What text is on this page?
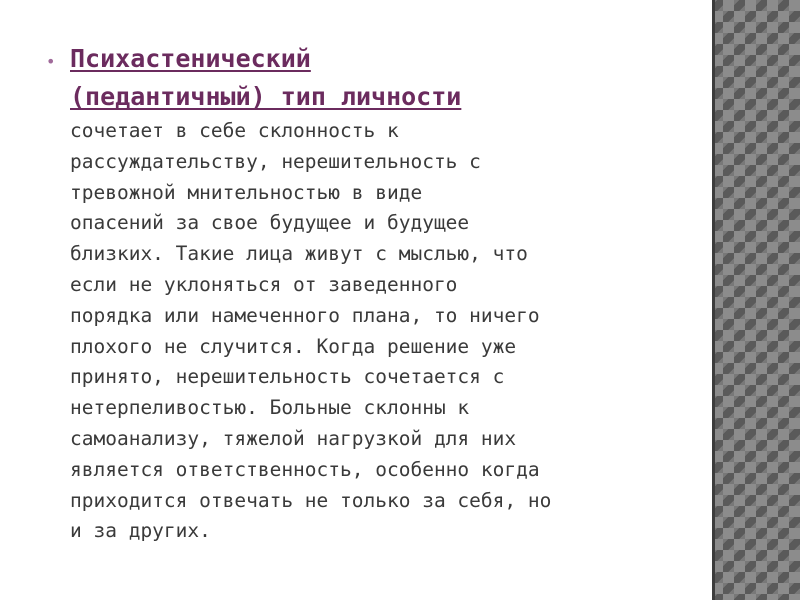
• Психастенический
(педантичный) тип личности

сочетает в себе склонность к
рассуждательству, нерешительность с
тревожной мнительностью в виде
опасений за свое будущее и будущее
близких. Такие лица живут с мыслью, что
если не уклоняться от заведенного
порядка или намеченного плана, то ничего
плохого не случится. Когда решение уже
принято, нерешительность сочетается с
нетерпеливостью. Больные склонны к
самоанализу, тяжелой нагрузкой для них
является ответственность, особенно когда
приходится отвечать не только за себя, но
и за других.
